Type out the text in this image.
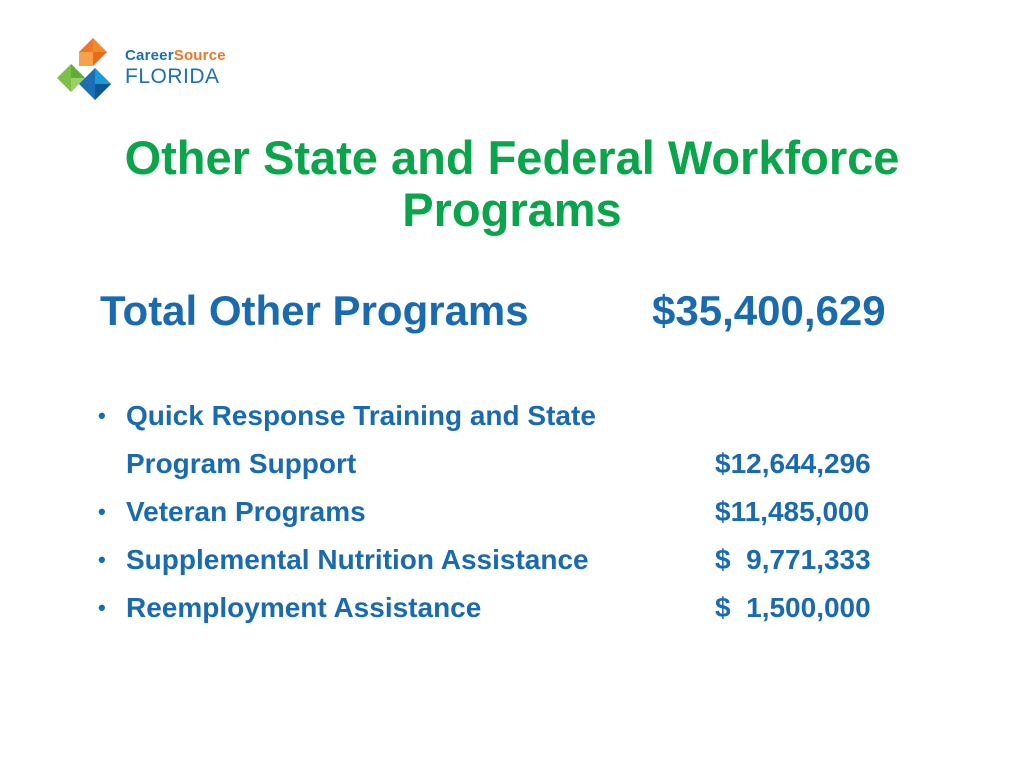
CareerSource
FLORIDA
Other State and Federal Workforce Programs
Total Other Programs	$35,400,629
• Quick Response Training and State
Program Support	$12,644,296
• Veteran Programs	$11,485,000
• Supplemental Nutrition Assistance	$  9,771,333
• Reemployment Assistance	$  1,500,000
